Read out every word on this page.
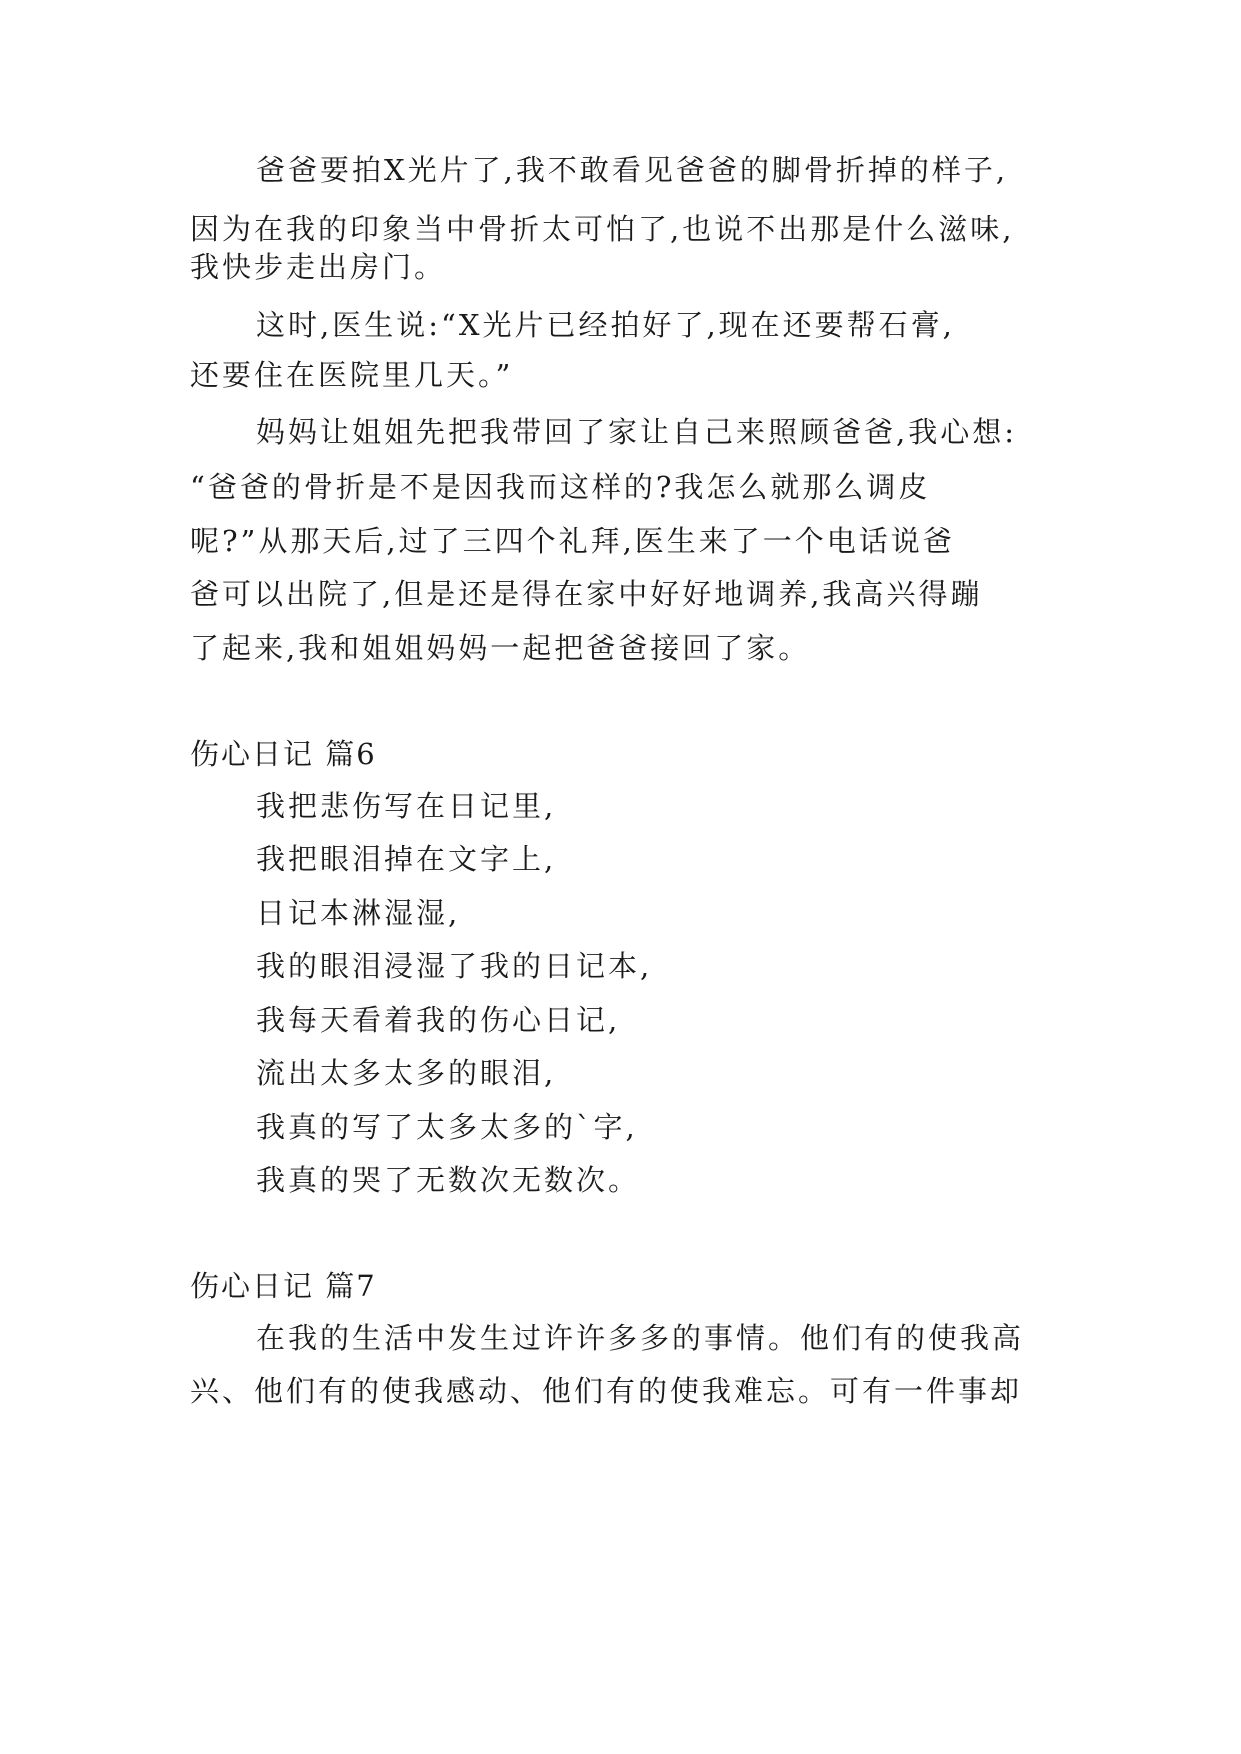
爸爸要拍X光片了,我不敢看见爸爸的脚骨折掉的样子,
因为在我的印象当中骨折太可怕了,也说不出那是什么滋味,
我快步走出房门。
这时,医生说:“X光片已经拍好了,现在还要帮石膏,
还要住在医院里几天。”
妈妈让姐姐先把我带回了家让自己来照顾爸爸,我心想:
“爸爸的骨折是不是因我而这样的?我怎么就那么调皮
呢?”从那天后,过了三四个礼拜,医生来了一个电话说爸
爸可以出院了,但是还是得在家中好好地调养,我高兴得蹦
了起来,我和姐姐妈妈一起把爸爸接回了家。
伤心日记 篇6
我把悲伤写在日记里,
我把眼泪掉在文字上,
日记本淋湿湿,
我的眼泪浸湿了我的日记本,
我每天看着我的伤心日记,
流出太多太多的眼泪,
我真的写了太多太多的`字,
我真的哭了无数次无数次。
伤心日记 篇7
在我的生活中发生过许许多多的事情。他们有的使我高
兴、他们有的使我感动、他们有的使我难忘。可有一件事却
